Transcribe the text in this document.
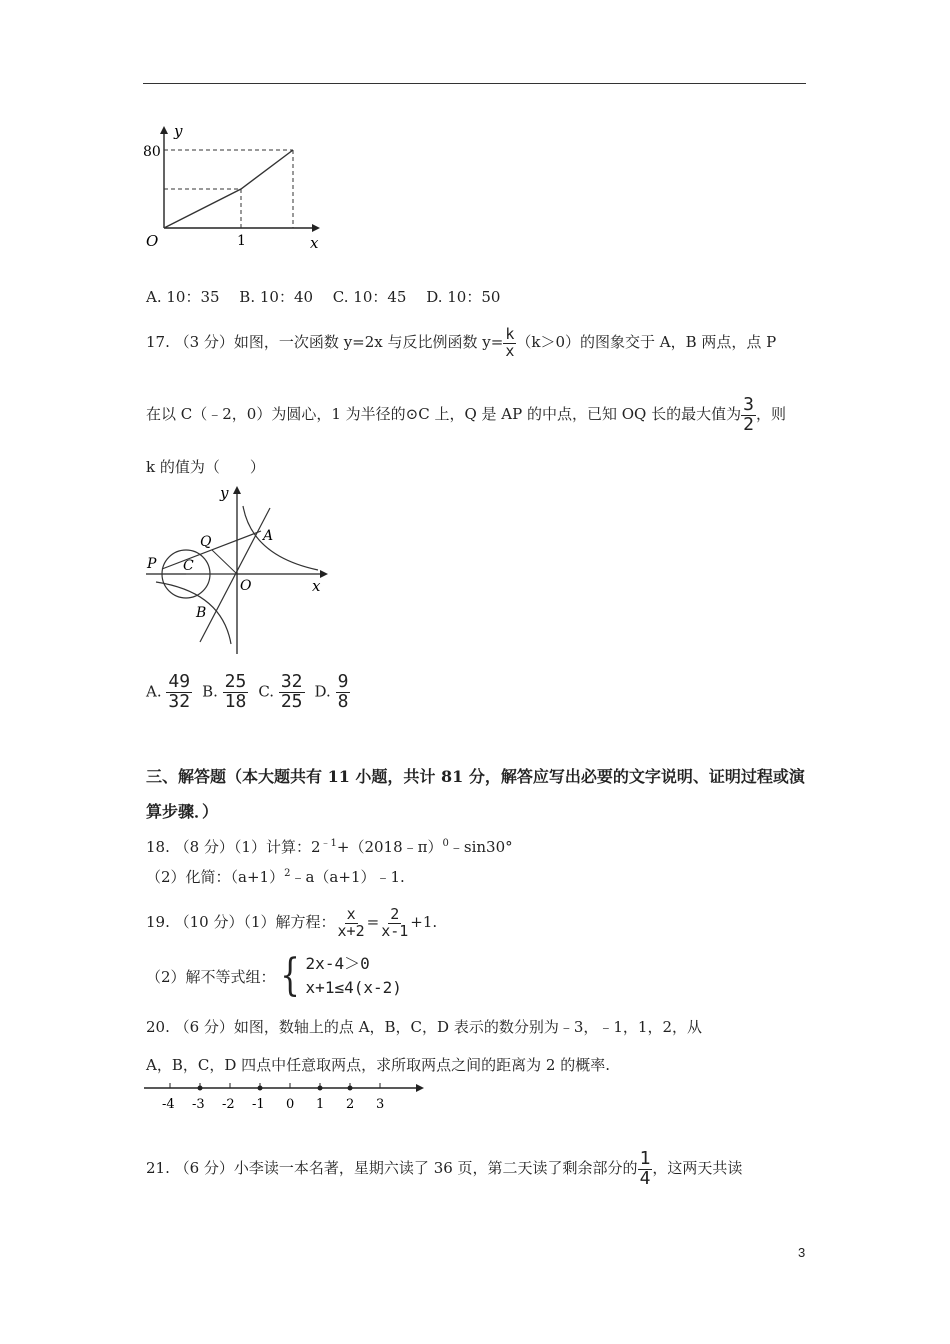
y
x
O
80
1
A. 10：35　 B. 10：40　 C. 10：45　 D. 10：50
17. （3 分）如图，一次函数 y=2x 与反比例函数 $y= \frac{k}{x} (k>0)$的图象交于 A，B 两点，点 P
在以 C（﹣2，0）为圆心，1 为半径的⊙C 上，Q 是 AP 的中点，已知 OQ 长的最大值为 $\frac{3}{2}$ ，则
k 的值为（　　）
y
x
O
A
B
C
P
Q
A. $\frac{49}{32} B$. $\frac{25}{18} C$. $\frac{32}{25} D$. $\frac{9}{8}$
三、解答题（本大题共有 11 小题，共计 81 分，解答应写出必要的文字说明、证明过程或演
算步骤．）
18. （8 分）（1）计算：$2^{﹣1}+(2018﹣\pi)^0﹣\sin 30^\circ$
（2）化简：$(a+1)^2﹣a(a+1)﹣1$.
19. （10 分）（1）解方程： $\frac{x}{x+2} = \frac{2}{x-1} +1$.
（2）解不等式组： { 2x-4＞0
x+1≤4(x-2)
20. （6 分）如图，数轴上的点 A，B，C，D 表示的数分别为﹣3，﹣1，1，2，从
A，B，C，D 四点中任意取两点，求所取两点之间的距离为 2 的概率.
-4 -3 -2 -1 0 1 2 3
21. （6 分）小李读一本名著，星期六读了 36 页，第二天读了剩余部分的 $\frac{1}{4}$ ，这两天共读
3
